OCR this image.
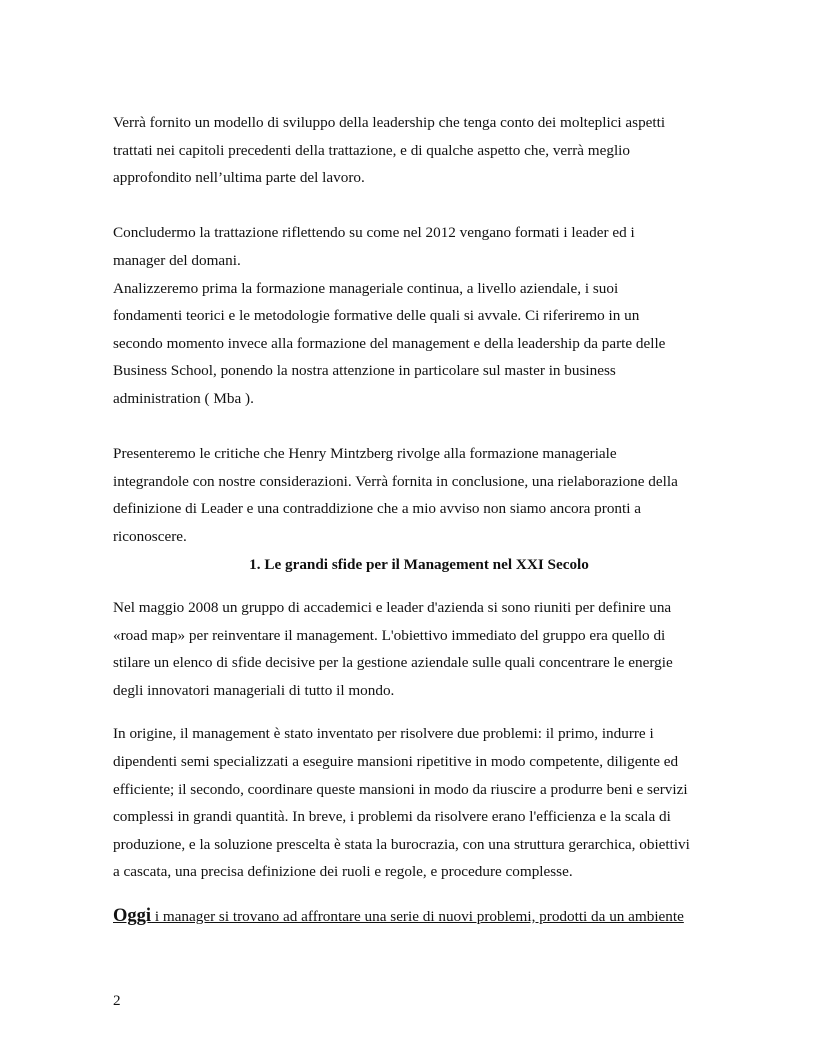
Verrà fornito un modello di sviluppo della leadership che tenga conto dei molteplici aspetti
trattati nei capitoli precedenti della trattazione, e di qualche aspetto che, verrà meglio
approfondito nell’ultima parte del lavoro.

Concludermo la trattazione riflettendo su come nel 2012 vengano formati i leader ed i
manager del domani.
Analizzeremo prima la formazione manageriale continua, a livello aziendale, i suoi
fondamenti teorici e le metodologie formative delle quali si avvale. Ci riferiremo in un
secondo momento invece alla formazione del management e della leadership da parte delle
Business School, ponendo la nostra attenzione in particolare sul master in business
administration ( Mba ).

Presenteremo le critiche che Henry Mintzberg rivolge alla formazione manageriale
integrandole con nostre considerazioni. Verrà fornita in conclusione, una rielaborazione della
definizione di Leader e una contraddizione che a mio avviso non siamo ancora pronti a
riconoscere.

1. Le grandi sfide per il Management nel XXI Secolo

Nel maggio 2008 un gruppo di accademici e leader d'azienda si sono riuniti per definire una
«road map» per reinventare il management. L'obiettivo immediato del gruppo era quello di
stilare un elenco di sfide decisive per la gestione aziendale sulle quali concentrare le energie
degli innovatori manageriali di tutto il mondo.

In origine, il management è stato inventato per risolvere due problemi: il primo, indurre i
dipendenti semi specializzati a eseguire mansioni ripetitive in modo competente, diligente ed
efficiente; il secondo, coordinare queste mansioni in modo da riuscire a produrre beni e servizi
complessi in grandi quantità. In breve, i problemi da risolvere erano l'efficienza e la scala di
produzione, e la soluzione prescelta è stata la burocrazia, con una struttura gerarchica, obiettivi
a cascata, una precisa definizione dei ruoli e regole, e procedure complesse.

Oggi i manager si trovano ad affrontare una serie di nuovi problemi, prodotti da un ambiente
2
